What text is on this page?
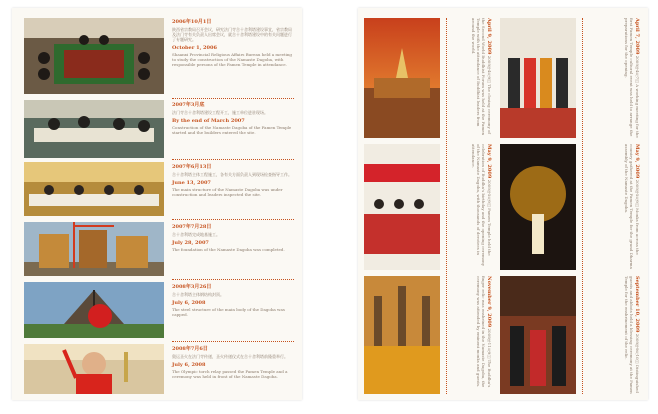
2006年10月1日
陕西省宗教局召开会议，研究法门寺合十舍利塔建设事宜，省宗教局及法门寺有关负责人出席会议，就合十舍利塔建设中的有关问题进行了专题研究。
October 1, 2006
Shaanxi Provincial Religious Affairs Bureau held a meeting to study the construction of the Namaste Dagoba, with responsible persons of the Famen Temple in attendance.
2007年3月底
法门寺合十舍利塔建设工程开工，施工单位进驻现场。
By the end of March 2007
Construction of the Namaste Dagoba of the Famen Temple started and the builders entered the site.
2007年6月13日
合十舍利塔主体工程施工，各有关方面负责人到现场检查指导工作。
June 13, 2007
The main structure of the Namaste Dagoba was under construction and leaders inspected the site.
2007年7月28日
合十舍利塔完成地基施工。
July 28, 2007
The foundation of the Namaste Dagoba was completed.
2008年3月26日
合十舍利塔主体钢结构封顶。
July 6, 2008
The steel structure of the main body of the Dagoba was capped.
2008年7月6日
奥运圣火在法门寺传递，圣火传递仪式在合十舍利塔前隆重举行。
July 6, 2008
The Olympic torch relay passed the Famen Temple and a ceremony was held in front of the Namaste Dagoba.
April 9, 2009 2009年4月9日 The closing ceremony of the Second World Buddhist Forum was held at the Famen Temple with the attendance of Buddhist leaders from around the world.
May 9, 2009 2009年5月9日 Famen Temple held the celebration of Buddha's birthday and the opening ceremony of the Namaste Dagoba, with thousands of devotees in attendance.
November 9, 2009 2009年11月9日 The Buddha's finger relic was enshrined in the Namaste Dagoba, the ceremony was attended by eminent monks and guests.
April 7, 2009 2009年4月7日 A working meeting for the first Famen Temple cultural event was held to arrange the preparations for the opening.
May 9, 2009 2009年5月9日 Monks from across the country gathered at the Famen Temple for the grand Dharma assembly of the Namaste Dagoba.
September 10, 2009 2009年9月10日 Distinguished guests and abbots held a blessing ceremony at the Famen Temple for the enshrinement of the relic.
